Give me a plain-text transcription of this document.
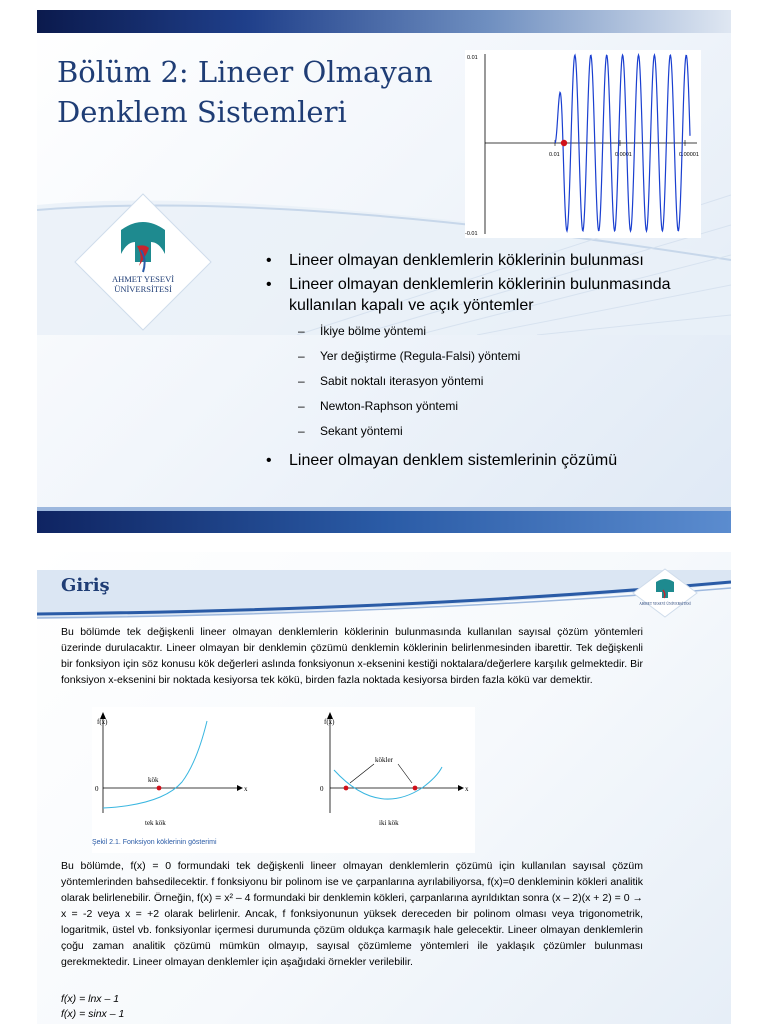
Bölüm 2: Lineer Olmayan
Denklem Sistemleri
0.01
-0.01
0.01	0.0001	0.00001
AHMET YESEVİ
ÜNİVERSİTESİ
• Lineer olmayan denklemlerin köklerinin bulunması
• Lineer olmayan denklemlerin köklerinin bulunmasında kullanılan kapalı ve açık yöntemler
– İkiye bölme yöntemi
– Yer değiştirme (Regula-Falsi) yöntemi
– Sabit noktalı iterasyon yöntemi
– Newton-Raphson yöntemi
– Sekant yöntemi
• Lineer olmayan denklem sistemlerinin çözümü
Giriş
AHMET YESEVİ ÜNİVERSİTESİ
Bu bölümde tek değişkenli lineer olmayan denklemlerin köklerinin bulunmasında kullanılan sayısal çözüm yöntemleri üzerinde durulacaktır. Lineer olmayan bir denklemin çözümü denklemin köklerinin belirlenmesinden ibarettir. Tek değişkenli bir fonksiyon için söz konusu kök değerleri aslında fonksiyonun x-eksenini kestiği noktalara/değerlere karşılık gelmektedir. Bir fonksiyon x-eksenini bir noktada kesiyorsa tek kökü, birden fazla noktada kesiyorsa birden fazla kökü var demektir.
f(x)
0	x
kök
tek kök
f(x)
0	x
kökler
iki kök
Şekil 2.1. Fonksiyon köklerinin gösterimi
Bu bölümde, f(x) = 0 formundaki tek değişkenli lineer olmayan denklemlerin çözümü için kullanılan sayısal çözüm yöntemlerinden bahsedilecektir. f fonksiyonu bir polinom ise ve çarpanlarına ayrılabiliyorsa, f(x)=0 denkleminin kökleri analitik olarak belirlenebilir. Örneğin, f(x) = x² – 4 formundaki bir denklemin kökleri, çarpanlarına ayrıldıktan sonra (x – 2)(x + 2) = 0 → x = -2 veya x = +2 olarak belirlenir. Ancak, f fonksiyonunun yüksek dereceden bir polinom olması veya trigonometrik, logaritmik, üstel vb. fonksiyonlar içermesi durumunda çözüm oldukça karmaşık hale gelecektir. Lineer olmayan denklemlerin çoğu zaman analitik çözümü mümkün olmayıp, sayısal çözümleme yöntemleri ile yaklaşık çözümler bulunması gerekmektedir. Lineer olmayan denklemler için aşağıdaki örnekler verilebilir.
f(x) = lnx – 1
f(x) = sinx – 1
